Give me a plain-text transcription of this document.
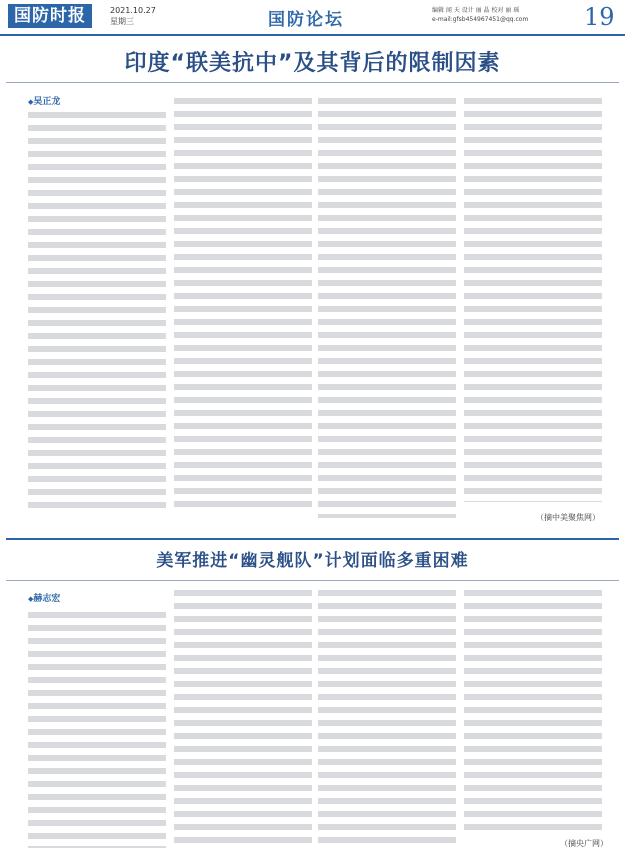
国防时报	2021.10.27
星期三	国防论坛	编辑 闻 天 设计 丽 晶 校对 丽 瑶
e-mail:gfsb454967451@qq.com 19
印度“联美抗中”及其背后的限制因素
◆ 吴正龙
（摘中美聚焦网）
美军推进“幽灵舰队”计划面临多重困难
◆ 赫志宏
（摘央广网）
